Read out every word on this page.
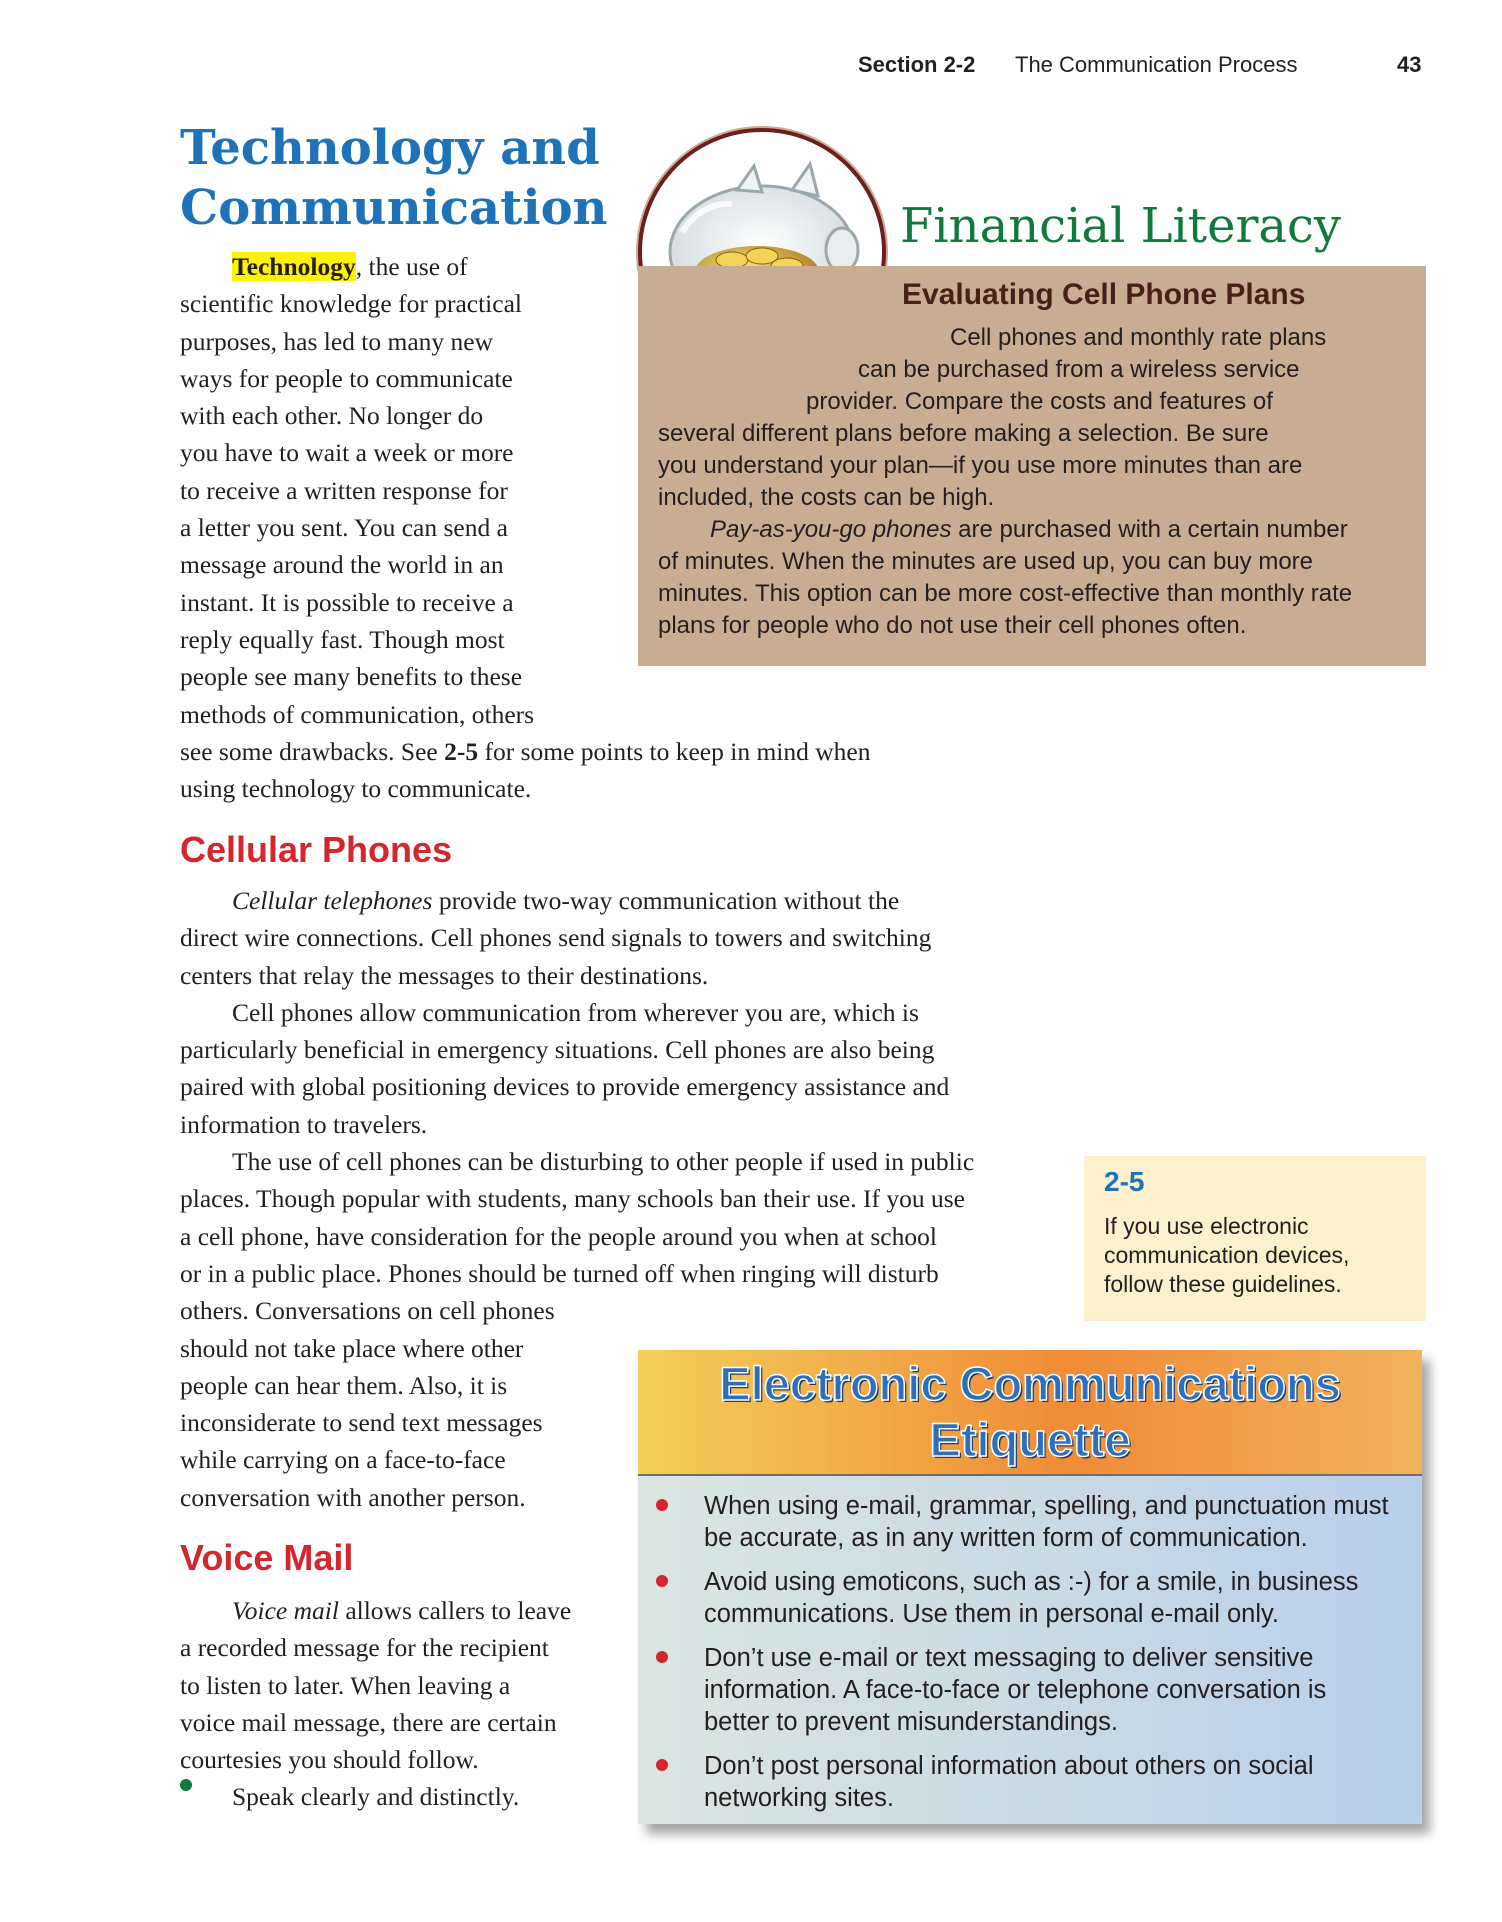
Section 2-2 The Communication Process	43
Technology and
Communication

Technology, the use of

scientific knowledge for practical

purposes, has led to many new

ways for people to communicate

with each other. No longer do

you have to wait a week or more

to receive a written response for

a letter you sent. You can send a

message around the world in an

instant. It is possible to receive a

reply equally fast. Though most

people see many benefits to these

methods of communication, others

see some drawbacks. See 2-5 for some points to keep in mind when

using technology to communicate.

Financial Literacy
Evaluating Cell Phone Plans
Cell phones and monthly rate plans
can be purchased from a wireless service
provider. Compare the costs and features of
several different plans before making a selection. Be sure
you understand your plan—if you use more minutes than are
included, the costs can be high.
Pay-as-you-go phones are purchased with a certain number
of minutes. When the minutes are used up, you can buy more
minutes. This option can be more cost-effective than monthly rate
plans for people who do not use their cell phones often.
Cellular Phones

Cellular telephones provide two-way communication without the

direct wire connections. Cell phones send signals to towers and switching

centers that relay the messages to their destinations.

Cell phones allow communication from wherever you are, which is

particularly beneficial in emergency situations. Cell phones are also being

paired with global positioning devices to provide emergency assistance and

information to travelers.

The use of cell phones can be disturbing to other people if used in public

places. Though popular with students, many schools ban their use. If you use

a cell phone, have consideration for the people around you when at school

or in a public place. Phones should be turned off when ringing will disturb

others. Conversations on cell phones

should not take place where other

people can hear them. Also, it is

inconsiderate to send text messages

while carrying on a face-to-face

conversation with another person.

Voice Mail

Voice mail allows callers to leave

a recorded message for the recipient

to listen to later. When leaving a

voice mail message, there are certain

courtesies you should follow.

Speak clearly and distinctly.

2-5

If you use electronic communication devices, follow these guidelines.

Electronic Communications
Etiquette
When using e-mail, grammar, spelling, and punctuation must be accurate, as in any written form of communication.
Avoid using emoticons, such as :-) for a smile, in business communications. Use them in personal e-mail only.
Don’t use e-mail or text messaging to deliver sensitive information. A face-to-face or telephone conversation is better to prevent misunderstandings.
Don’t post personal information about others on social networking sites.
